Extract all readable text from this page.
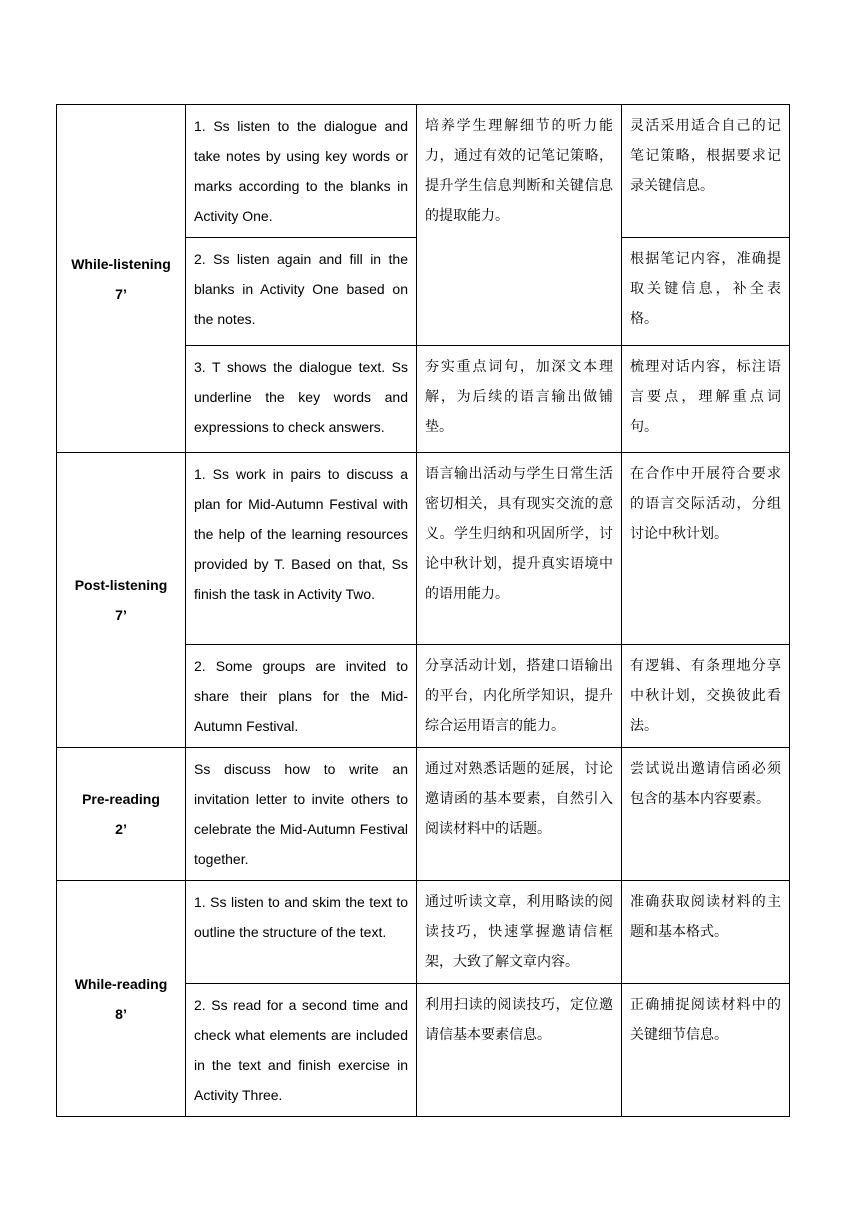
While-listening
7’	1. Ss listen to the dialogue and take notes by using key words or marks according to the blanks in Activity One.	培养学生理解细节的听力能力，通过有效的记笔记策略，提升学生信息判断和关键信息的提取能力。	灵活采用适合自己的记笔记策略，根据要求记录关键信息。
	2. Ss listen again and fill in the blanks in Activity One based on the notes.		根据笔记内容，准确提取关键信息，补全表格。
	3. T shows the dialogue text. Ss underline the key words and expressions to check answers.	夯实重点词句，加深文本理解，为后续的语言输出做铺垫。	梳理对话内容，标注语言要点，理解重点词句。

Post-listening
7’	1. Ss work in pairs to discuss a plan for Mid-Autumn Festival with the help of the learning resources provided by T. Based on that, Ss finish the task in Activity Two.	语言输出活动与学生日常生活密切相关，具有现实交流的意义。学生归纳和巩固所学，讨论中秋计划，提升真实语境中的语用能力。	在合作中开展符合要求的语言交际活动，分组讨论中秋计划。
	2. Some groups are invited to share their plans for the Mid-Autumn Festival.	分享活动计划，搭建口语输出的平台，内化所学知识，提升综合运用语言的能力。	有逻辑、有条理地分享中秋计划，交换彼此看法。

Pre-reading
2’	Ss discuss how to write an invitation letter to invite others to celebrate the Mid-Autumn Festival together.	通过对熟悉话题的延展，讨论邀请函的基本要素，自然引入阅读材料中的话题。	尝试说出邀请信函必须包含的基本内容要素。

While-reading
8’	1. Ss listen to and skim the text to outline the structure of the text.	通过听读文章，利用略读的阅读技巧，快速掌握邀请信框架，大致了解文章内容。	准确获取阅读材料的主题和基本格式。
	2. Ss read for a second time and check what elements are included in the text and finish exercise in Activity Three.	利用扫读的阅读技巧，定位邀请信基本要素信息。	正确捕捉阅读材料中的关键细节信息。
